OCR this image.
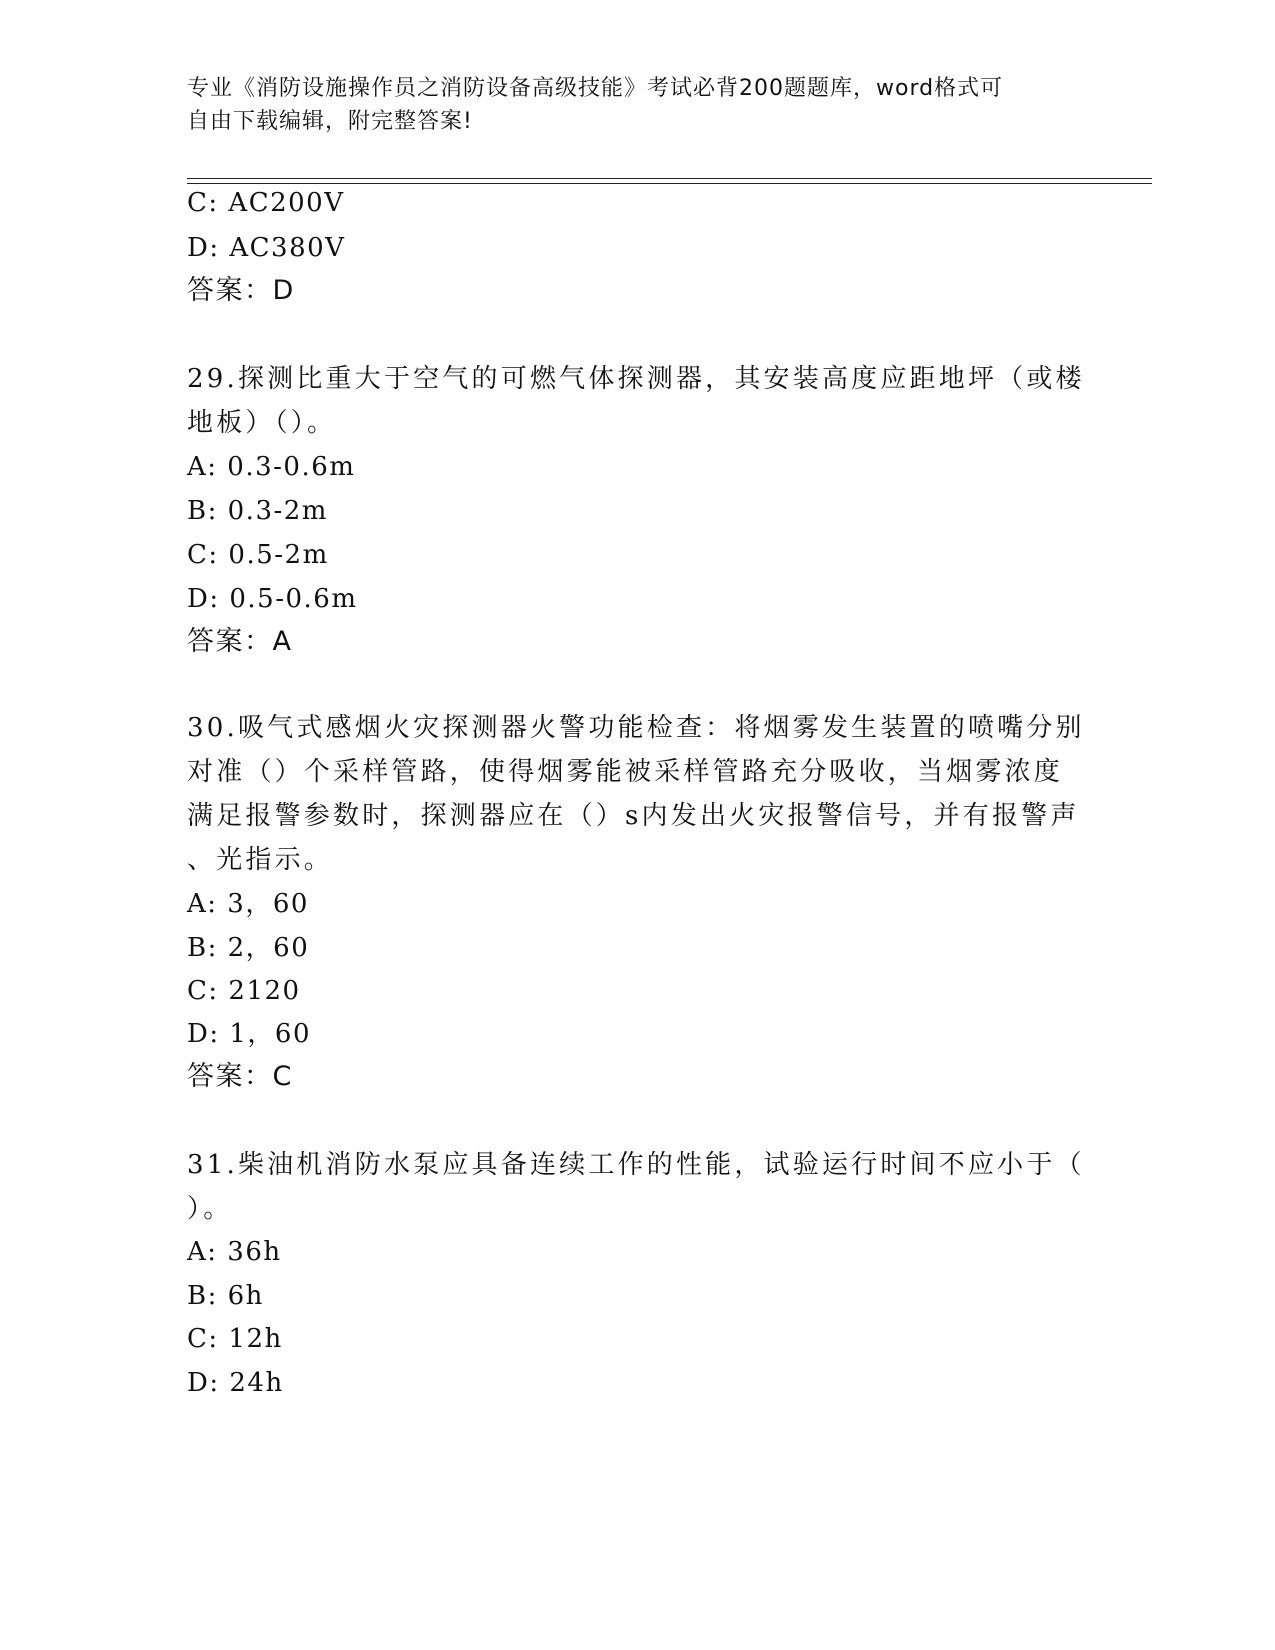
专业《消防设施操作员之消防设备高级技能》考试必背200题题库，word格式可
自由下载编辑，附完整答案!
C: AC200V
D: AC380V
答案：D
29.探测比重大于空气的可燃气体探测器，其安装高度应距地坪（或楼
地板）（）。
A: 0.3-0.6m
B: 0.3-2m
C: 0.5-2m
D: 0.5-0.6m
答案：A
30.吸气式感烟火灾探测器火警功能检查：将烟雾发生装置的喷嘴分别
对准（）个采样管路，使得烟雾能被采样管路充分吸收，当烟雾浓度
满足报警参数时，探测器应在（）s内发出火灾报警信号，并有报警声
、光指示。
A: 3，60
B: 2，60
C: 2120
D: 1，60
答案：C
31.柴油机消防水泵应具备连续工作的性能，试验运行时间不应小于（
）。
A: 36h
B: 6h
C: 12h
D: 24h
